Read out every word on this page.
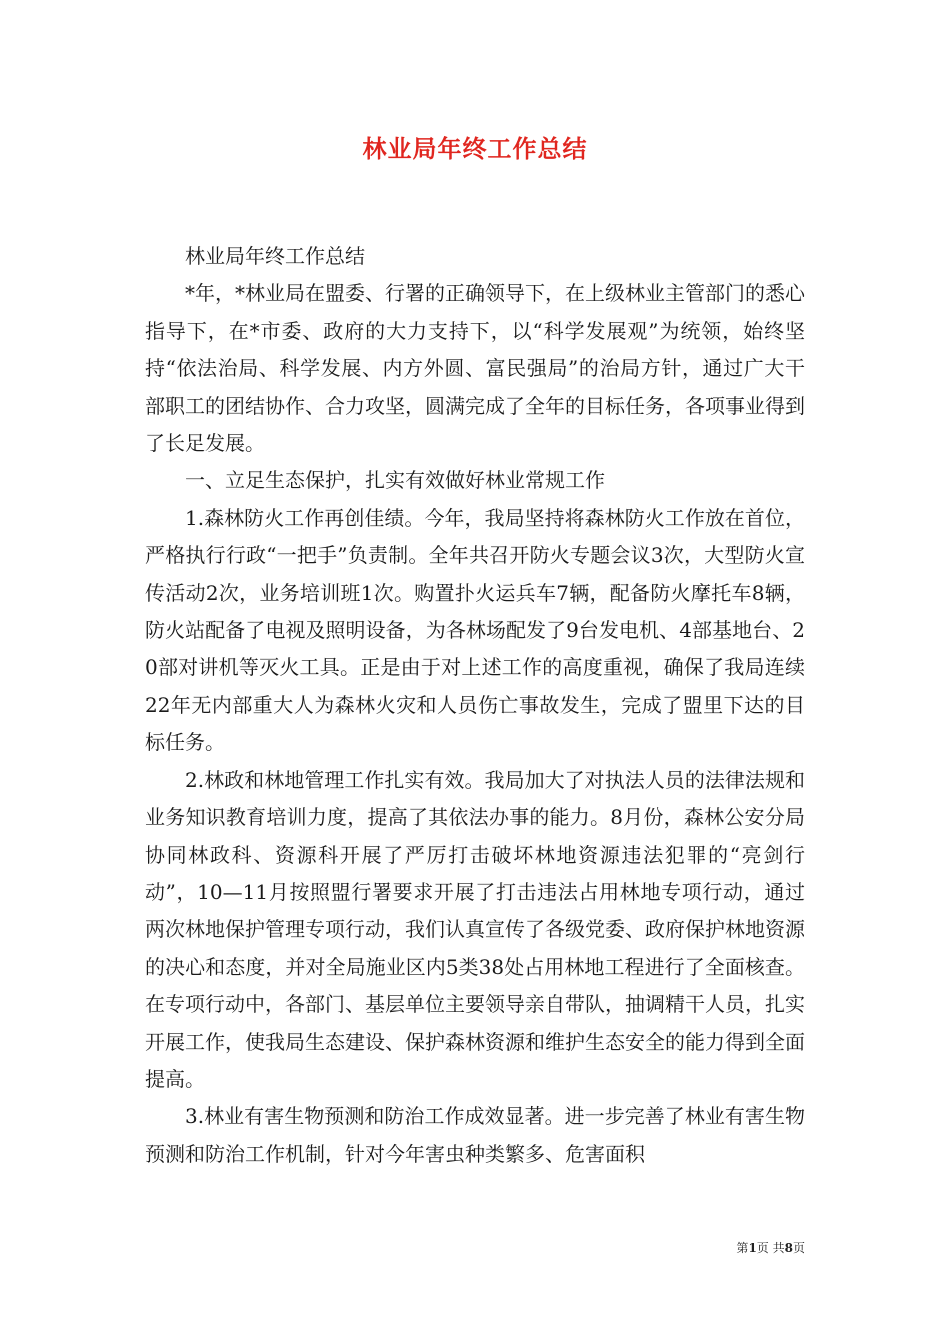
林业局年终工作总结

林业局年终工作总结

*年，*林业局在盟委、行署的正确领导下，在上级林业主管部门的悉心指导下，在*市委、政府的大力支持下，以“科学发展观”为统领，始终坚持“依法治局、科学发展、内方外圆、富民强局”的治局方针，通过广大干部职工的团结协作、合力攻坚，圆满完成了全年的目标任务，各项事业得到了长足发展。

一、立足生态保护，扎实有效做好林业常规工作

1.森林防火工作再创佳绩。今年，我局坚持将森林防火工作放在首位，严格执行行政“一把手”负责制。全年共召开防火专题会议3次，大型防火宣传活动2次，业务培训班1次。购置扑火运兵车7辆，配备防火摩托车8辆，防火站配备了电视及照明设备，为各林场配发了9台发电机、4部基地台、20部对讲机等灭火工具。正是由于对上述工作的高度重视，确保了我局连续22年无内部重大人为森林火灾和人员伤亡事故发生，完成了盟里下达的目标任务。

2.林政和林地管理工作扎实有效。我局加大了对执法人员的法律法规和业务知识教育培训力度，提高了其依法办事的能力。8月份，森林公安分局协同林政科、资源科开展了严厉打击破坏林地资源违法犯罪的“亮剑行动”，10—11月按照盟行署要求开展了打击违法占用林地专项行动，通过两次林地保护管理专项行动，我们认真宣传了各级党委、政府保护林地资源的决心和态度，并对全局施业区内5类38处占用林地工程进行了全面核查。在专项行动中，各部门、基层单位主要领导亲自带队，抽调精干人员，扎实开展工作，使我局生态建设、保护森林资源和维护生态安全的能力得到全面提高。

3.林业有害生物预测和防治工作成效显著。进一步完善了林业有害生物预测和防治工作机制，针对今年害虫种类繁多、危害面积

第1页 共8页
